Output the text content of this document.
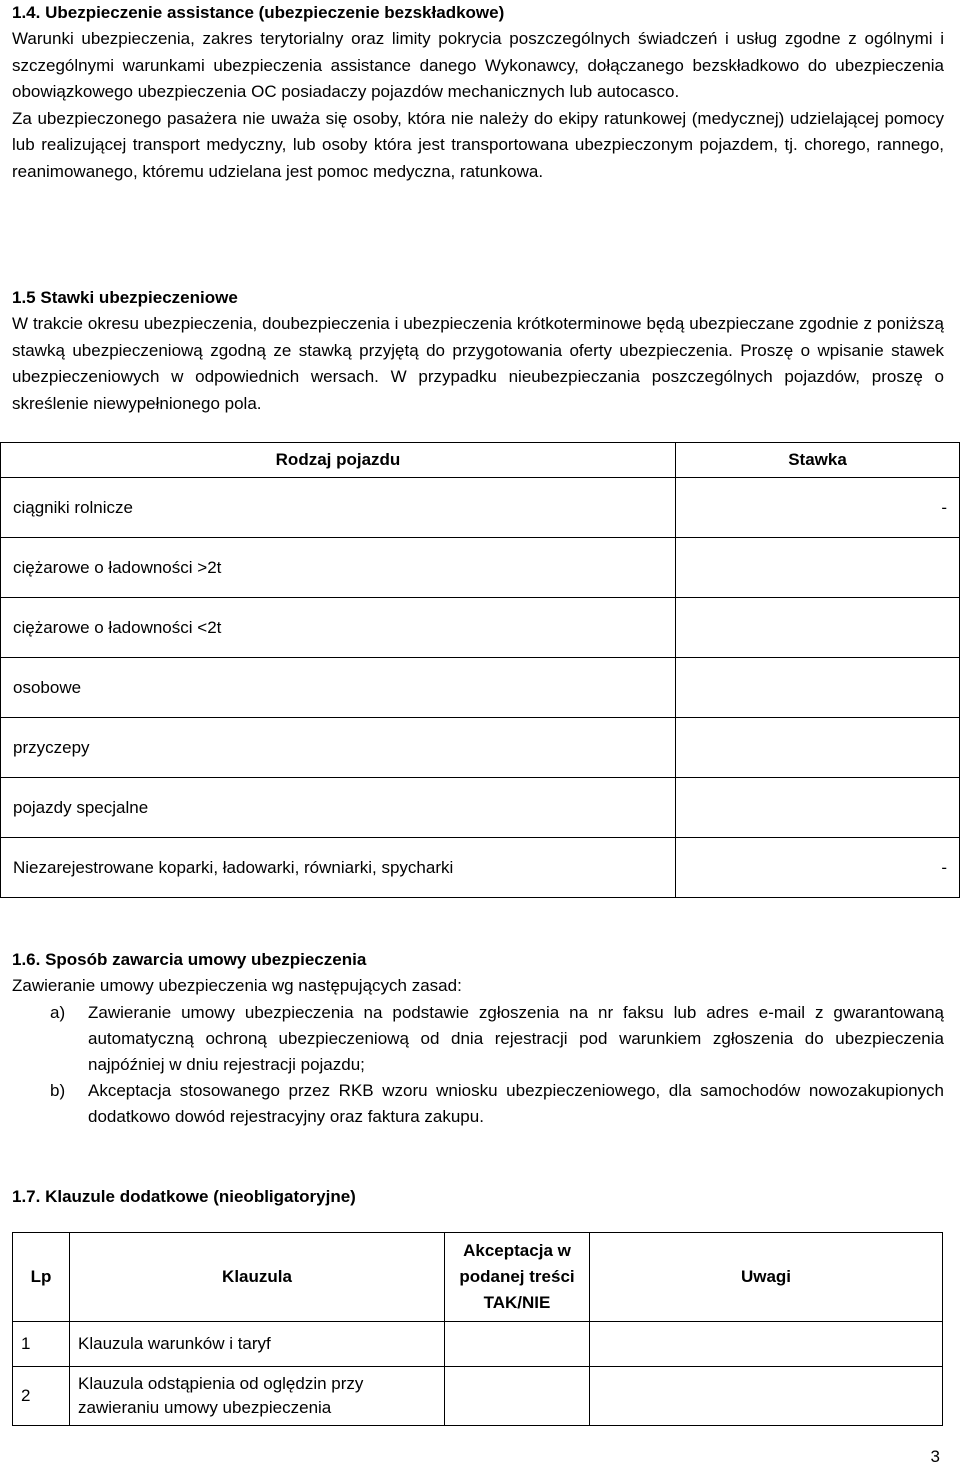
1.4. Ubezpieczenie assistance (ubezpieczenie bezskładkowe)

Warunki ubezpieczenia, zakres terytorialny oraz limity pokrycia poszczególnych świadczeń i usług zgodne z ogólnymi i szczególnymi warunkami ubezpieczenia assistance danego Wykonawcy, dołączanego bezskładkowo do ubezpieczenia obowiązkowego ubezpieczenia OC posiadaczy pojazdów mechanicznych lub autocasco.

Za ubezpieczonego pasażera nie uważa się osoby, która nie należy do ekipy ratunkowej (medycznej) udzielającej pomocy lub realizującej transport medyczny, lub osoby która jest transportowana ubezpieczonym pojazdem, tj. chorego, rannego, reanimowanego, któremu udzielana jest pomoc medyczna, ratunkowa.

1.5 Stawki ubezpieczeniowe

W trakcie okresu ubezpieczenia, doubezpieczenia i ubezpieczenia krótkoterminowe będą ubezpieczane zgodnie z poniższą stawką ubezpieczeniową zgodną ze stawką przyjętą do przygotowania oferty ubezpieczenia. Proszę o wpisanie stawek ubezpieczeniowych w odpowiednich wersach. W przypadku nieubezpieczania poszczególnych pojazdów, proszę o skreślenie niewypełnionego pola.

Rodzaj pojazdu	Stawka
ciągniki rolnicze	-
ciężarowe o ładowności >2t	
ciężarowe o ładowności <2t	
osobowe	
przyczepy	
pojazdy specjalne	
Niezarejestrowane koparki, ładowarki, równiarki, spycharki	-

1.6. Sposób zawarcia umowy ubezpieczenia

Zawieranie umowy ubezpieczenia wg następujących zasad:

a)	Zawieranie umowy ubezpieczenia na podstawie zgłoszenia na nr faksu lub adres e-mail z gwarantowaną automatyczną ochroną ubezpieczeniową od dnia rejestracji pod warunkiem zgłoszenia do ubezpieczenia najpóźniej w dniu rejestracji pojazdu;
b)	Akceptacja stosowanego przez RKB wzoru wniosku ubezpieczeniowego, dla samochodów nowozakupionych dodatkowo dowód rejestracyjny oraz faktura zakupu.

1.7. Klauzule dodatkowe (nieobligatoryjne)

Lp	Klauzula	Akceptacja w podanej treści TAK/NIE	Uwagi
1	Klauzula warunków i taryf		
2	Klauzula odstąpienia od oględzin przy zawieraniu umowy ubezpieczenia		
3
